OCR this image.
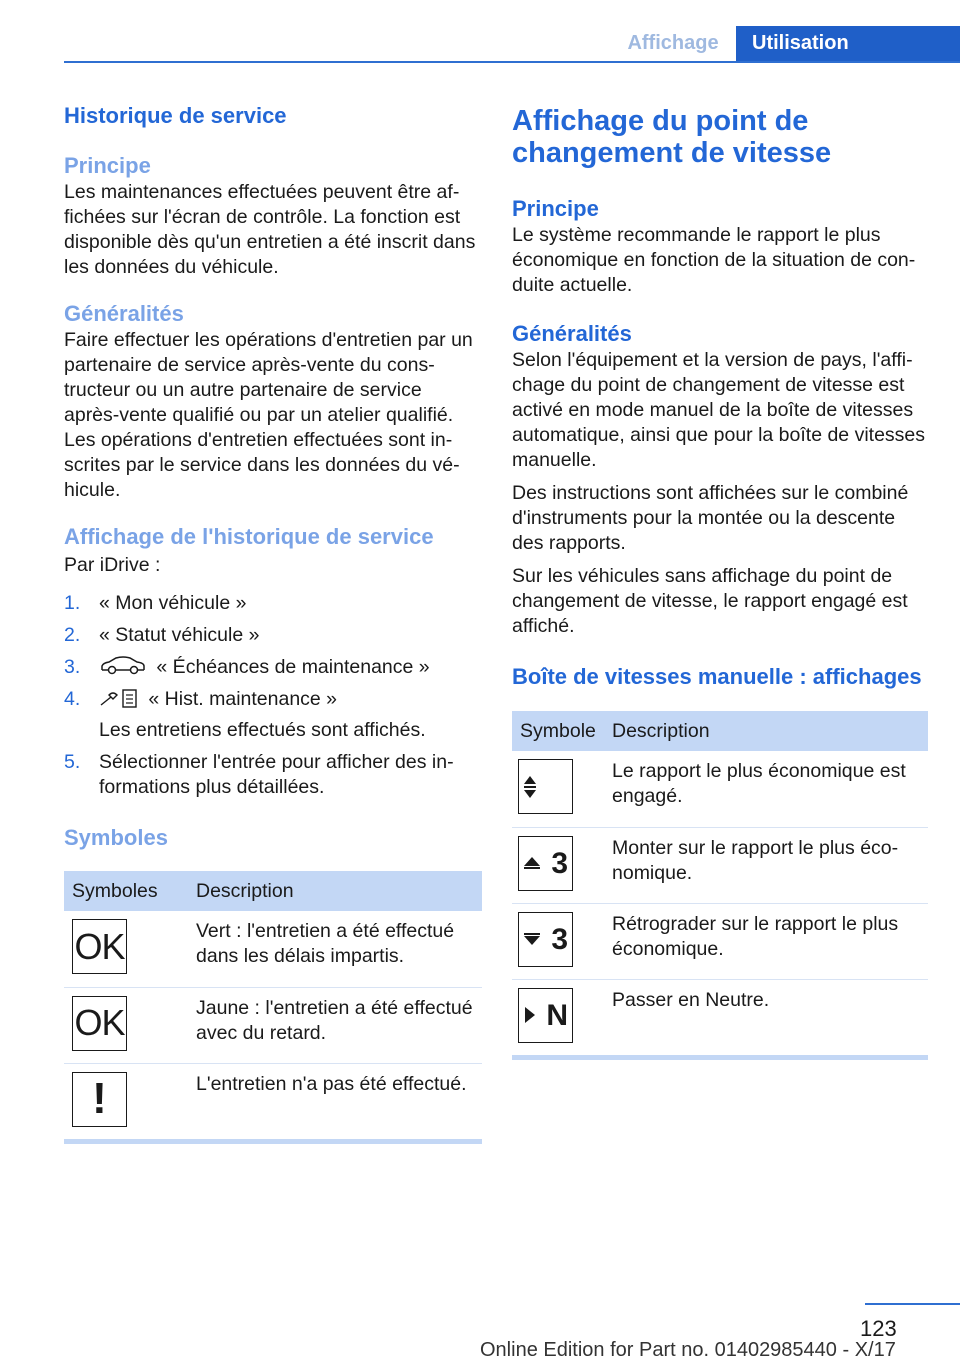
Affichage	Utilisation
Historique de service
Principe

Les maintenances effectuées peuvent être affichées sur l'écran de contrôle. La fonction est disponible dès qu'un entretien a été inscrit dans les données du véhicule.

Généralités

Faire effectuer les opérations d'entretien par un partenaire de service après-vente du constructeur ou un autre partenaire de service après-vente qualifié ou par un atelier qualifié. Les opérations d'entretien effectuées sont inscrites par le service dans les données du véhicule.

Affichage de l'historique de service

Par iDrive :

1. « Mon véhicule »
2. « Statut véhicule »
3.	« Échéances de maintenance »
4.	« Hist. maintenance »
Les entretiens effectués sont affichés.
5. Sélectionner l'entrée pour afficher des informations plus détaillées.
Symboles
Symboles	Description

OK	Vert : l'entretien a été effectué dans les délais impartis.

OK	Jaune : l'entretien a été effectué avec du retard.

!	L'entretien n'a pas été effectué.
Affichage du point de changement de vitesse
Principe

Le système recommande le rapport le plus économique en fonction de la situation de conduite actuelle.

Généralités

Selon l'équipement et la version de pays, l'affichage du point de changement de vitesse est activé en mode manuel de la boîte de vitesses automatique, ainsi que pour la boîte de vitesses manuelle.

Des instructions sont affichées sur le combiné d'instruments pour la montée ou la descente des rapports.

Sur les véhicules sans affichage du point de changement de vitesse, le rapport engagé est affiché.

Boîte de vitesses manuelle : affichages
Symbole	Description

	Le rapport le plus économique est engagé.

3	Monter sur le rapport le plus économique.

3	Rétrograder sur le rapport le plus économique.

N	Passer en Neutre.
123
Online Edition for Part no. 01402985440 - X/17
